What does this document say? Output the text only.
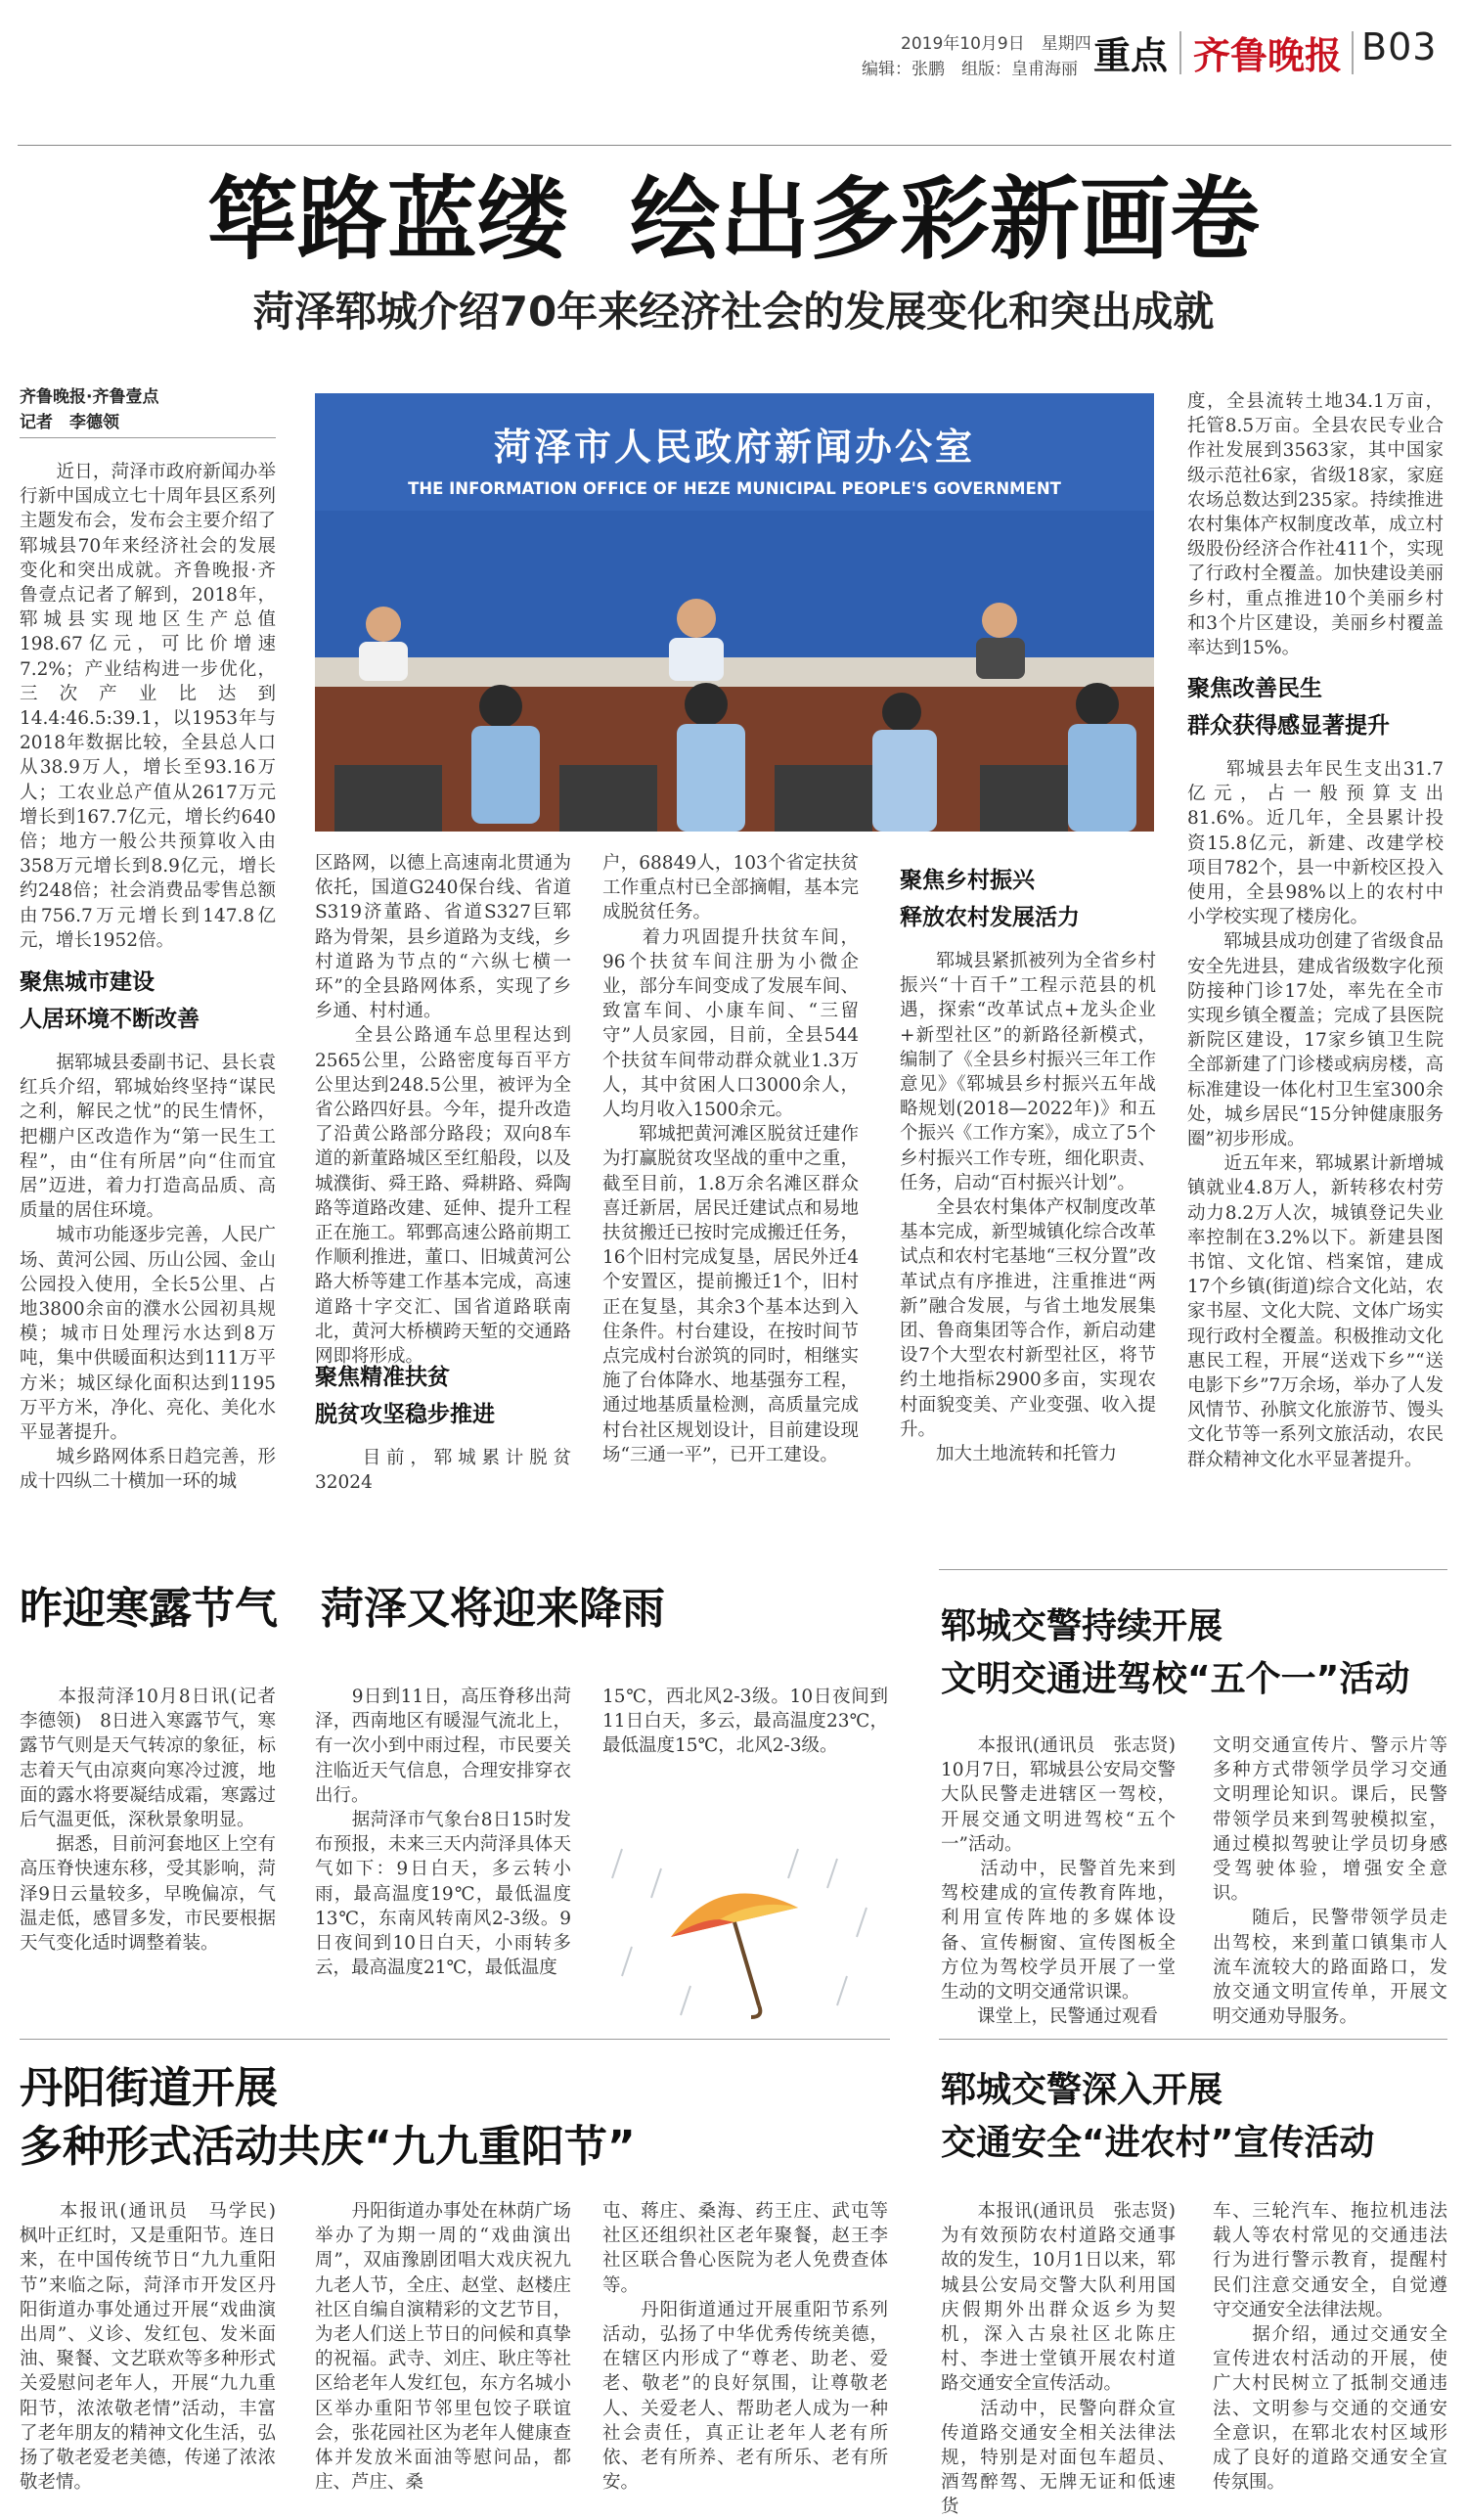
2019年10月9日　星期四
编辑：张鹏　组版：皇甫海丽 重点 齐鲁晚报 B03
筚路蓝缕  绘出多彩新画卷
菏泽郓城介绍70年来经济社会的发展变化和突出成就
齐鲁晚报·齐鲁壹点
记者　李德领

　　近日，菏泽市政府新闻办举行新中国成立七十周年县区系列主题发布会，发布会主要介绍了郓城县70年来经济社会的发展变化和突出成就。齐鲁晚报·齐鲁壹点记者了解到，2018年，郓城县实现地区生产总值198.67亿元，可比价增速7.2%；产业结构进一步优化，三次产业比达到14.4:46.5:39.1，以1953年与2018年数据比较，全县总人口从38.9万人，增长至93.16万人；工农业总产值从2617万元增长到167.7亿元，增长约640倍；地方一般公共预算收入由358万元增长到8.9亿元，增长约248倍；社会消费品零售总额由756.7万元增长到147.8亿元，增长1952倍。

聚焦城市建设
人居环境不断改善

　　据郓城县委副书记、县长袁红兵介绍，郓城始终坚持“谋民之利，解民之忧”的民生情怀，把棚户区改造作为“第一民生工程”，由“住有所居”向“住而宜居”迈进，着力打造高品质、高质量的居住环境。
　　城市功能逐步完善，人民广场、黄河公园、历山公园、金山公园投入使用，全长5公里、占地3800余亩的濮水公园初具规模；城市日处理污水达到8万吨，集中供暖面积达到111万平方米；城区绿化面积达到1195万平方米，净化、亮化、美化水平显著提升。
　　城乡路网体系日趋完善，形成十四纵二十横加一环的城

菏泽市人民政府新闻办公室
THE INFORMATION OFFICE OF HEZE MUNICIPAL PEOPLE'S GOVERNMENT

区路网，以德上高速南北贯通为依托，国道G240保台线、省道S319济董路、省道S327巨郓路为骨架，县乡道路为支线，乡村道路为节点的“六纵七横一环”的全县路网体系，实现了乡乡通、村村通。
　　全县公路通车总里程达到2565公里，公路密度每百平方公里达到248.5公里，被评为全省公路四好县。今年，提升改造了沿黄公路部分路段；双向8车道的新董路城区至红船段，以及城濮街、舜王路、舜耕路、舜陶路等道路改建、延伸、提升工程正在施工。郓鄄高速公路前期工作顺利推进，董口、旧城黄河公路大桥等建工作基本完成，高速道路十字交汇、国省道路联南北，黄河大桥横跨天堑的交通路网即将形成。

聚焦精准扶贫
脱贫攻坚稳步推进

　　目前，郓城累计脱贫32024

户，68849人，103个省定扶贫工作重点村已全部摘帽，基本完成脱贫任务。
　　着力巩固提升扶贫车间，96个扶贫车间注册为小微企业，部分车间变成了发展车间、致富车间、小康车间、“三留守”人员家园，目前，全县544个扶贫车间带动群众就业1.3万人，其中贫困人口3000余人，人均月收入1500余元。
　　郓城把黄河滩区脱贫迁建作为打赢脱贫攻坚战的重中之重，截至目前，1.8万余名滩区群众喜迁新居，居民迁建试点和易地扶贫搬迁已按时完成搬迁任务，16个旧村完成复垦，居民外迁4个安置区，提前搬迁1个，旧村正在复垦，其余3个基本达到入住条件。村台建设，在按时间节点完成村台淤筑的同时，相继实施了台体降水、地基强夯工程，通过地基质量检测，高质量完成村台社区规划设计，目前建设现场“三通一平”，已开工建设。

聚焦乡村振兴
释放农村发展活力

　　郓城县紧抓被列为全省乡村振兴“十百千”工程示范县的机遇，探索“改革试点+龙头企业+新型社区”的新路径新模式，编制了《全县乡村振兴三年工作意见》《郓城县乡村振兴五年战略规划(2018—2022年)》和五个振兴《工作方案》，成立了5个乡村振兴工作专班，细化职责、任务，启动“百村振兴计划”。
　　全县农村集体产权制度改革基本完成，新型城镇化综合改革试点和农村宅基地“三权分置”改革试点有序推进，注重推进“两新”融合发展，与省土地发展集团、鲁商集团等合作，新启动建设7个大型农村新型社区，将节约土地指标2900多亩，实现农村面貌变美、产业变强、收入提升。
　　加大土地流转和托管力

度，全县流转土地34.1万亩，托管8.5万亩。全县农民专业合作社发展到3563家，其中国家级示范社6家，省级18家，家庭农场总数达到235家。持续推进农村集体产权制度改革，成立村级股份经济合作社411个，实现了行政村全覆盖。加快建设美丽乡村，重点推进10个美丽乡村和3个片区建设，美丽乡村覆盖率达到15%。

聚焦改善民生
群众获得感显著提升

　　郓城县去年民生支出31.7亿元，占一般预算支出81.6%。近几年，全县累计投资15.8亿元，新建、改建学校项目782个，县一中新校区投入使用，全县98%以上的农村中小学校实现了楼房化。
　　郓城县成功创建了省级食品安全先进县，建成省级数字化预防接种门诊17处，率先在全市实现乡镇全覆盖；完成了县医院新院区建设，17家乡镇卫生院全部新建了门诊楼或病房楼，高标准建设一体化村卫生室300余处，城乡居民“15分钟健康服务圈”初步形成。
　　近五年来，郓城累计新增城镇就业4.8万人，新转移农村劳动力8.2万人次，城镇登记失业率控制在3.2%以下。新建县图书馆、文化馆、档案馆，建成17个乡镇(街道)综合文化站，农家书屋、文化大院、文体广场实现行政村全覆盖。积极推动文化惠民工程，开展“送戏下乡”“送电影下乡”7万余场，举办了人发风情节、孙膑文化旅游节、馒头文化节等一系列文旅活动，农民群众精神文化水平显著提升。

昨迎寒露节气　菏泽又将迎来降雨

　　本报菏泽10月8日讯(记者　李德领)　8日进入寒露节气，寒露节气则是天气转凉的象征，标志着天气由凉爽向寒冷过渡，地面的露水将要凝结成霜，寒露过后气温更低，深秋景象明显。
　　据悉，目前河套地区上空有高压脊快速东移，受其影响，菏泽9日云量较多，早晚偏凉，气温走低，感冒多发，市民要根据天气变化适时调整着装。

　　9日到11日，高压脊移出菏泽，西南地区有暖湿气流北上，有一次小到中雨过程，市民要关注临近天气信息，合理安排穿衣出行。
　　据菏泽市气象台8日15时发布预报，未来三天内菏泽具体天气如下：9日白天，多云转小雨，最高温度19℃，最低温度13℃，东南风转南风2-3级。9日夜间到10日白天，小雨转多云，最高温度21℃，最低温度

15℃，西北风2-3级。10日夜间到11日白天，多云，最高温度23℃，最低温度15℃，北风2-3级。

郓城交警持续开展
文明交通进驾校“五个一”活动

　　本报讯(通讯员　张志贤)　10月7日，郓城县公安局交警大队民警走进辖区一驾校，开展交通文明进驾校“五个一”活动。
　　活动中，民警首先来到驾校建成的宣传教育阵地，利用宣传阵地的多媒体设备、宣传橱窗、宣传图板全方位为驾校学员开展了一堂生动的文明交通常识课。
　　课堂上，民警通过观看

文明交通宣传片、警示片等多种方式带领学员学习交通文明理论知识。课后，民警带领学员来到驾驶模拟室，通过模拟驾驶让学员切身感受驾驶体验，增强安全意识。
　　随后，民警带领学员走出驾校，来到董口镇集市人流车流较大的路面路口，发放交通文明宣传单，开展文明交通劝导服务。

丹阳街道开展
多种形式活动共庆“九九重阳节”

　　本报讯(通讯员　马学民)　枫叶正红时，又是重阳节。连日来，在中国传统节日“九九重阳节”来临之际，菏泽市开发区丹阳街道办事处通过开展“戏曲演出周”、义诊、发红包、发米面油、聚餐、文艺联欢等多种形式关爱慰问老年人，开展“九九重阳节，浓浓敬老情”活动，丰富了老年朋友的精神文化生活，弘扬了敬老爱老美德，传递了浓浓敬老情。

　　丹阳街道办事处在林荫广场举办了为期一周的“戏曲演出周”，双庙豫剧团唱大戏庆祝九九老人节，全庄、赵堂、赵楼庄社区自编自演精彩的文艺节目，为老人们送上节日的问候和真挚的祝福。武寺、刘庄、耿庄等社区给老年人发红包，东方名城小区举办重阳节邻里包饺子联谊会，张花园社区为老年人健康查体并发放米面油等慰问品，都庄、芦庄、桑

屯、蒋庄、桑海、药王庄、武屯等社区还组织社区老年聚餐，赵王李社区联合鲁心医院为老人免费查体等。
　　丹阳街道通过开展重阳节系列活动，弘扬了中华优秀传统美德，在辖区内形成了“尊老、助老、爱老、敬老”的良好氛围，让尊敬老人、关爱老人、帮助老人成为一种社会责任，真正让老年人老有所依、老有所养、老有所乐、老有所安。

郓城交警深入开展
交通安全“进农村”宣传活动

　　本报讯(通讯员　张志贤)　为有效预防农村道路交通事故的发生，10月1日以来，郓城县公安局交警大队利用国庆假期外出群众返乡为契机，深入古泉社区北陈庄村、李进士堂镇开展农村道路交通安全宣传活动。
　　活动中，民警向群众宣传道路交通安全相关法律法规，特别是对面包车超员、酒驾醉驾、无牌无证和低速货

车、三轮汽车、拖拉机违法载人等农村常见的交通违法行为进行警示教育，提醒村民们注意交通安全，自觉遵守交通安全法律法规。
　　据介绍，通过交通安全宣传进农村活动的开展，使广大村民树立了抵制交通违法、文明参与交通的交通安全意识，在郓北农村区域形成了良好的道路交通安全宣传氛围。
